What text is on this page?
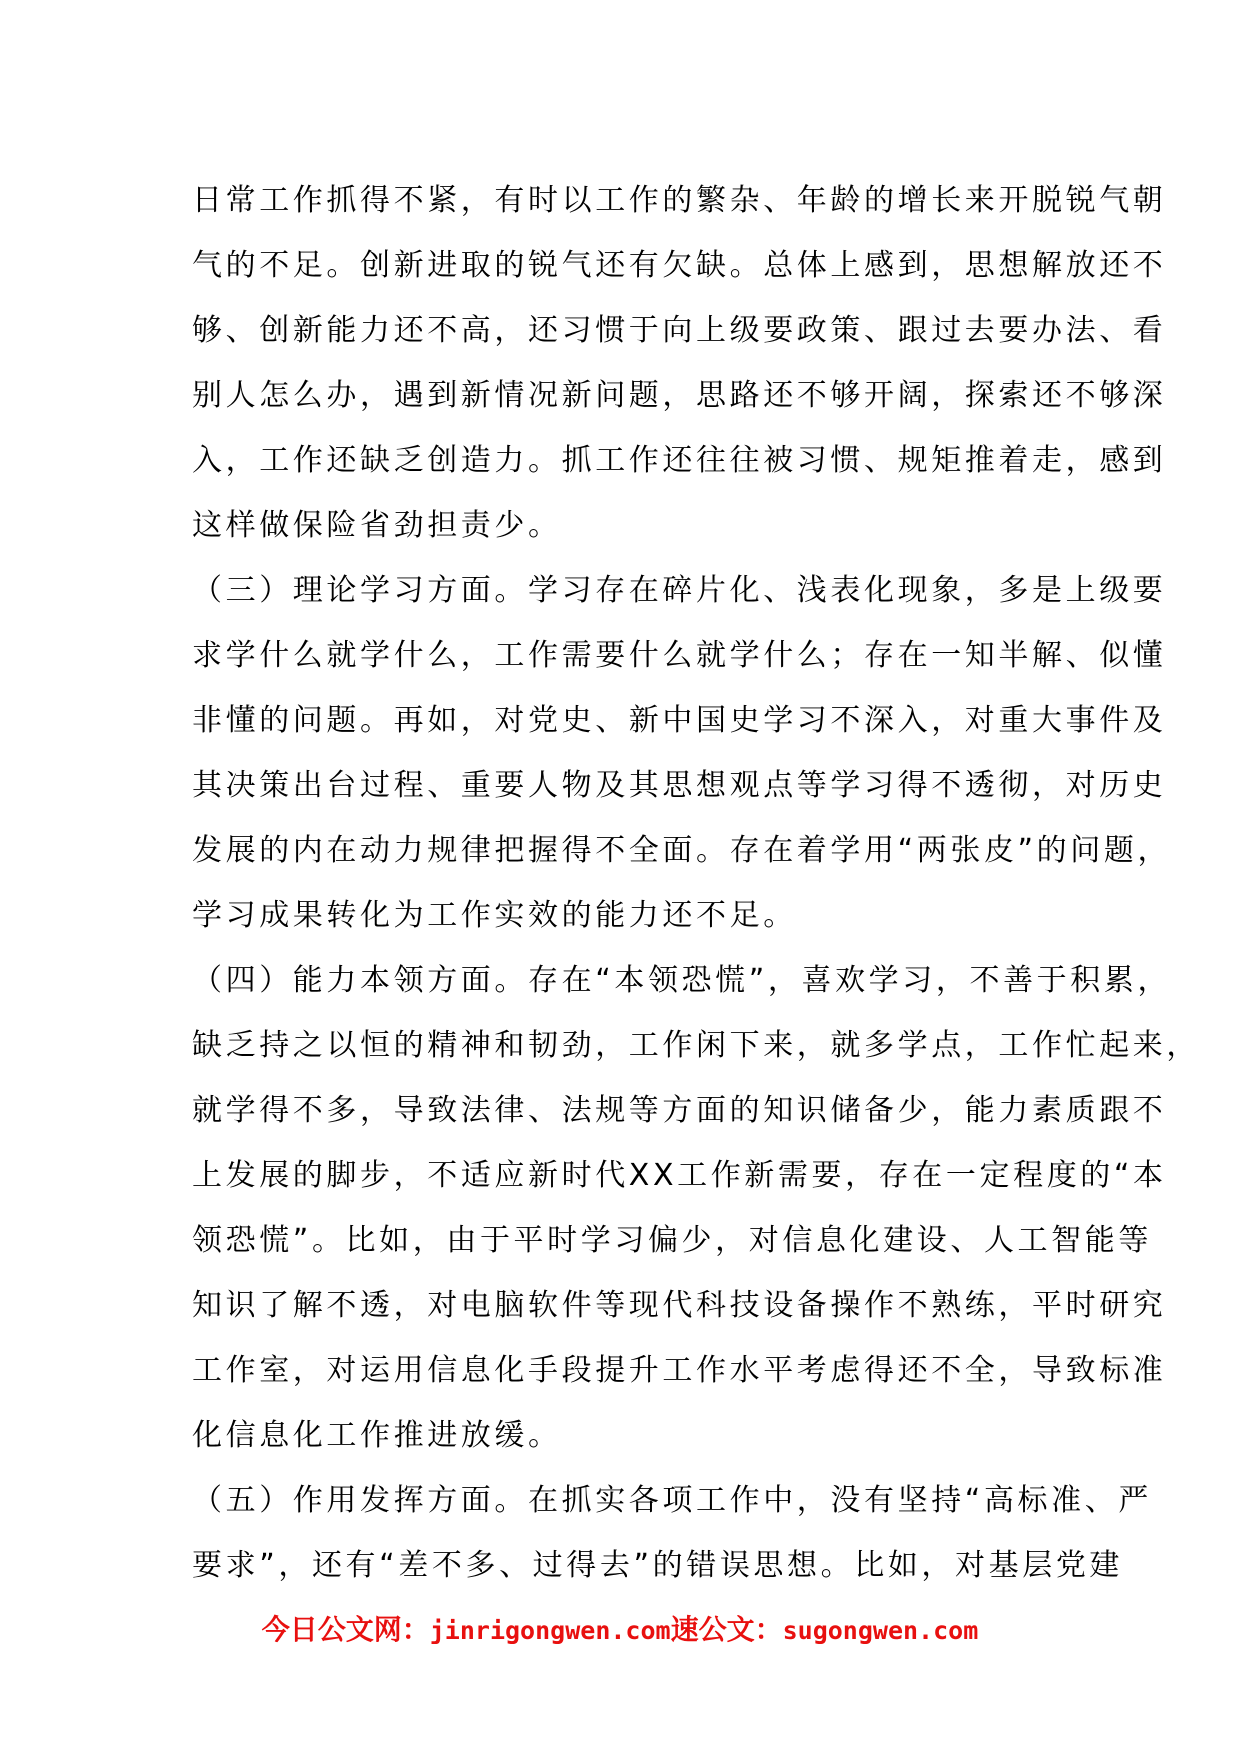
日常工作抓得不紧，有时以工作的繁杂、年龄的增长来开脱锐气朝
气的不足。创新进取的锐气还有欠缺。总体上感到，思想解放还不
够、创新能力还不高，还习惯于向上级要政策、跟过去要办法、看
别人怎么办，遇到新情况新问题，思路还不够开阔，探索还不够深
入，工作还缺乏创造力。抓工作还往往被习惯、规矩推着走，感到
这样做保险省劲担责少。
（三）理论学习方面。学习存在碎片化、浅表化现象，多是上级要
求学什么就学什么，工作需要什么就学什么；存在一知半解、似懂
非懂的问题。再如，对党史、新中国史学习不深入，对重大事件及
其决策出台过程、重要人物及其思想观点等学习得不透彻，对历史
发展的内在动力规律把握得不全面。存在着学用“两张皮”的问题，
学习成果转化为工作实效的能力还不足。
（四）能力本领方面。存在“本领恐慌”，喜欢学习，不善于积累，
缺乏持之以恒的精神和韧劲，工作闲下来，就多学点，工作忙起来，
就学得不多，导致法律、法规等方面的知识储备少，能力素质跟不
上发展的脚步，不适应新时代XX工作新需要，存在一定程度的“本
领恐慌”。比如，由于平时学习偏少，对信息化建设、人工智能等
知识了解不透，对电脑软件等现代科技设备操作不熟练，平时研究
工作室，对运用信息化手段提升工作水平考虑得还不全，导致标准
化信息化工作推进放缓。
（五）作用发挥方面。在抓实各项工作中，没有坚持“高标准、严
要求”，还有“差不多、过得去”的错误思想。比如，对基层党建
今日公文网：jinrigongwen.com速公文：sugongwen.com
